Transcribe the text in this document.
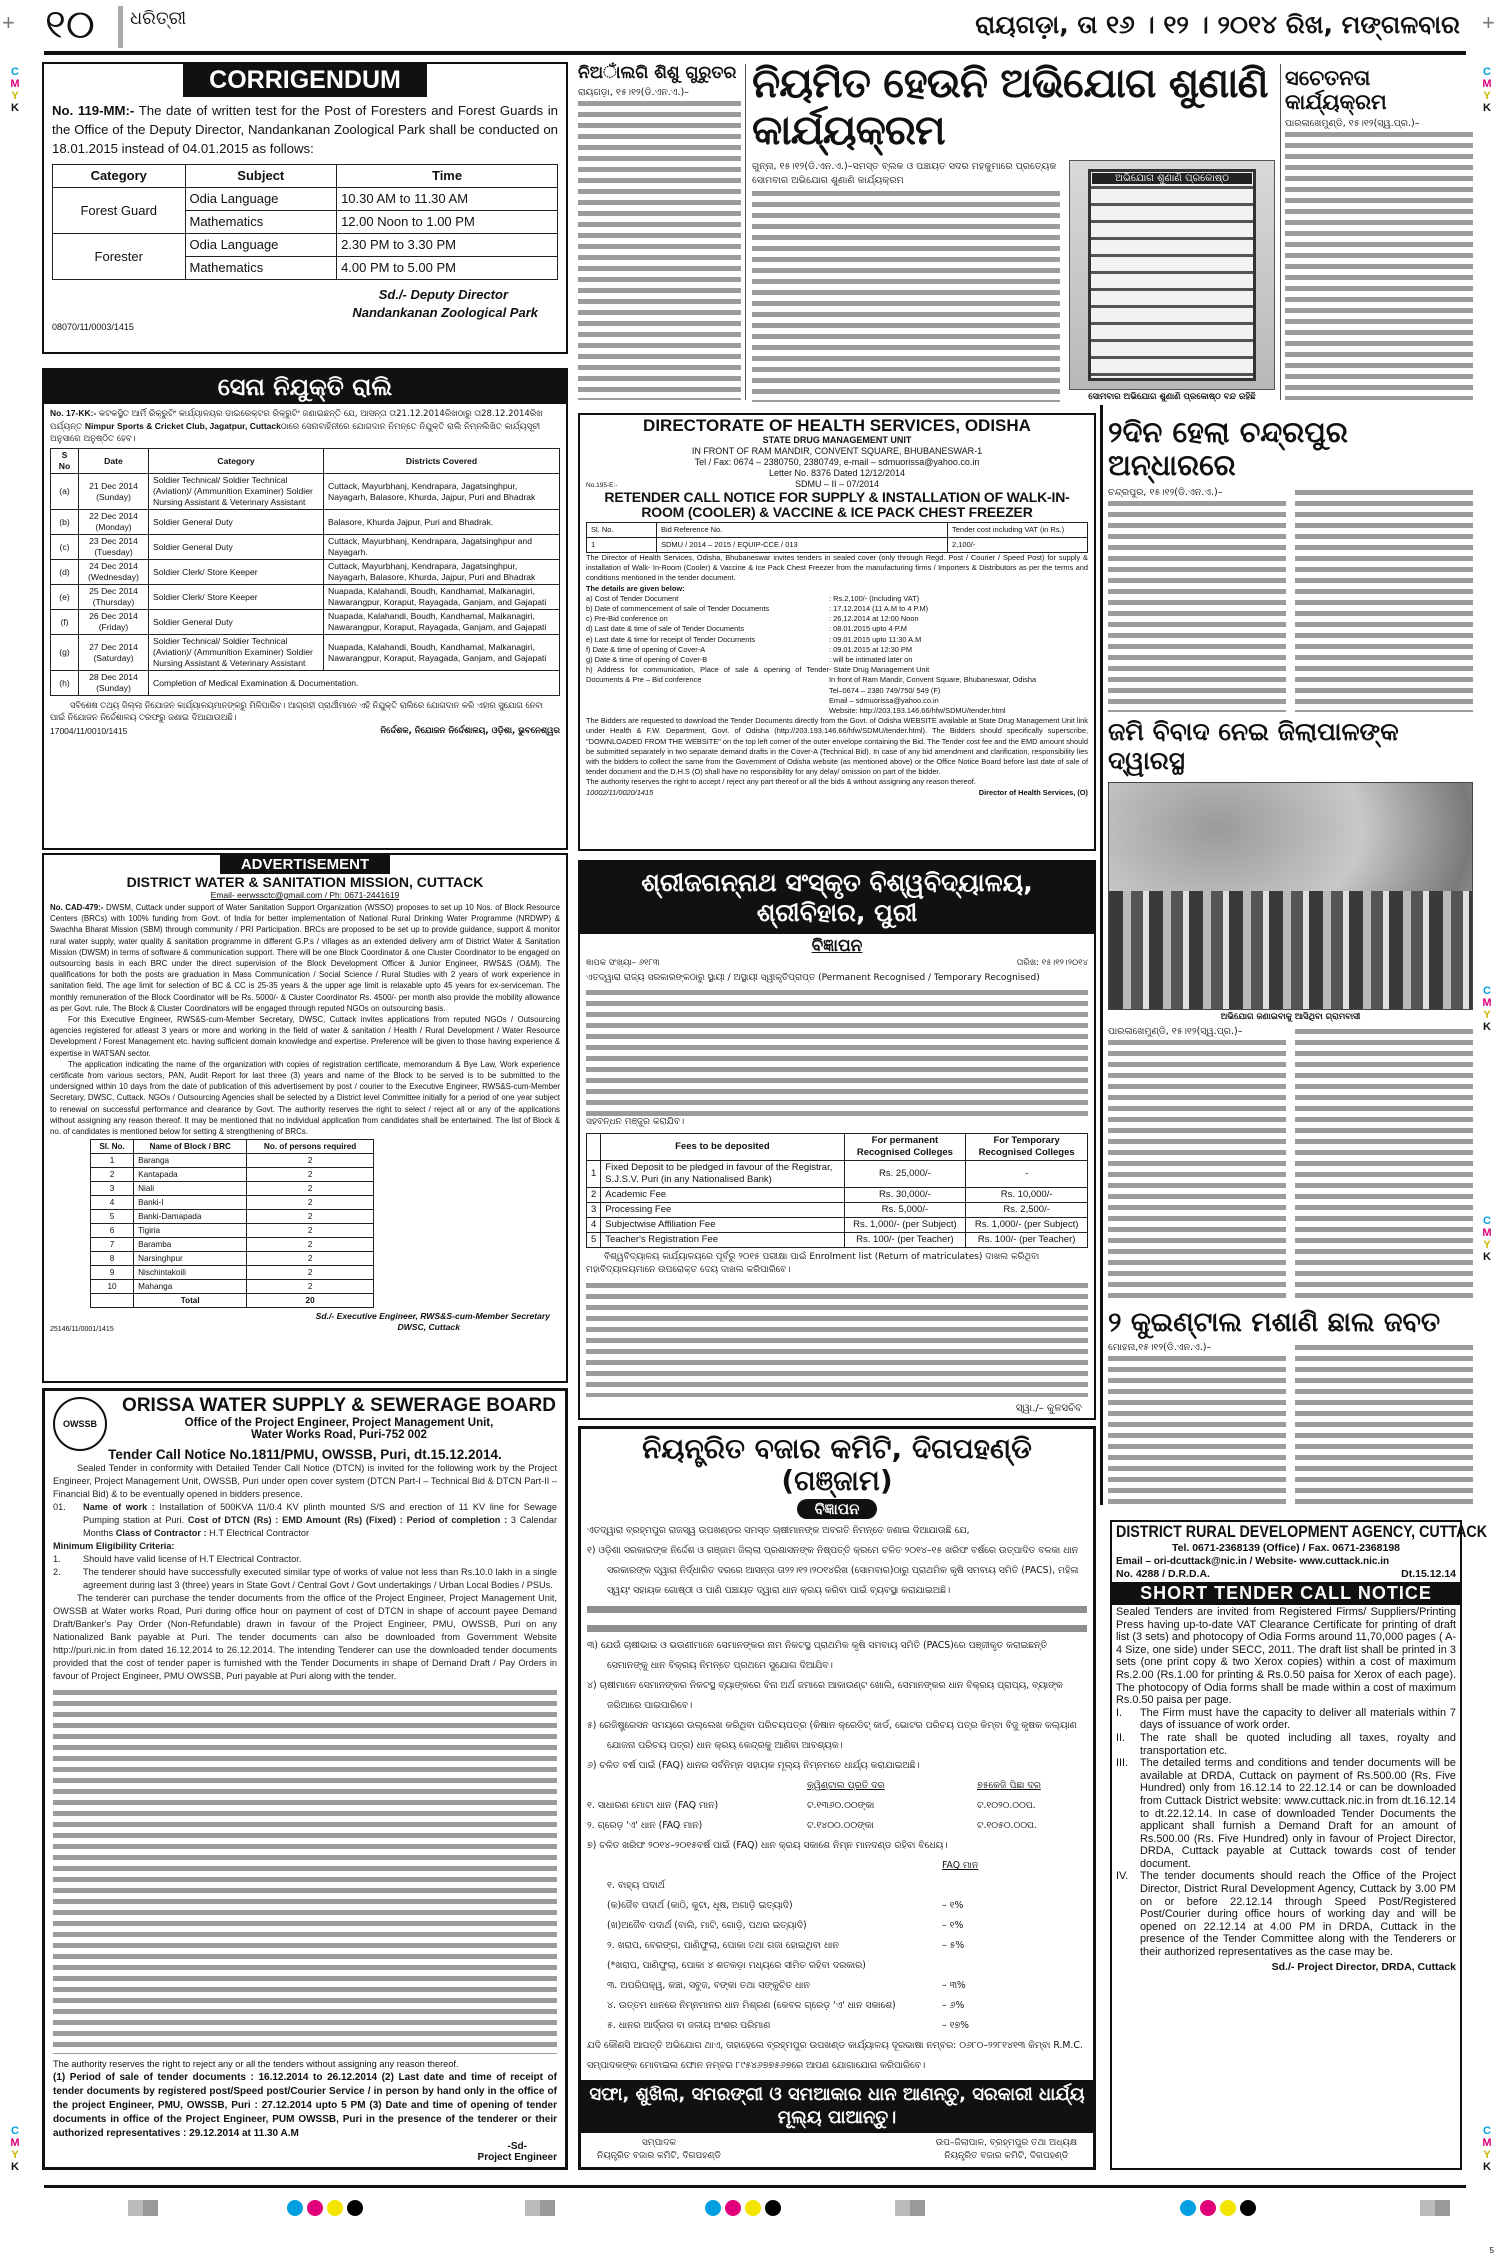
+	+
୧୦ ଧରିତ୍ରୀ	ରାୟଗଡ଼ା, ତା ୧୬ । ୧୨ । ୨୦୧୪ ରିଖ, ମଙ୍ଗଳବାର
C
M
Y
K
C
M
Y
K
C
M
Y
K
C
M
Y
K
C
M
Y
K
C
M
Y
K
CORRIGENDUM

No. 119-MM:- The date of written test for the Post of Foresters and Forest Guards in the Office of the Deputy Director, Nandankanan Zoological Park shall be conducted on 18.01.2015 instead of 04.01.2015 as follows:

Category	Subject	Time
Forest Guard	Odia Language	10.30 AM to 11.30 AM
	Mathematics	12.00 Noon to 1.00 PM
Forester	Odia Language	2.30 PM to 3.30 PM
	Mathematics	4.00 PM to 5.00 PM
Sd./- Deputy Director
Nandankanan Zoological Park
08070/11/0003/1415
ସେନା ନିଯୁକ୍ତି ରାଲି

No. 17-KK:- କଟକସ୍ଥିତ ଆର୍ମି ରିକ୍ରୁଟିଂ କାର୍ଯ୍ୟାଳୟର ଡାଇରେକ୍ଟର ରିକ୍ରୁଟିଂ ଜଣାଇଛନ୍ତି ଯେ, ଆସନ୍ତା ତା21.12.2014ରିଖଠାରୁ ତା28.12.2014ରିଖ ପର୍ଯ୍ୟନ୍ତ Nimpur Sports & Cricket Club, Jagatpur, Cuttackଠାରେ ସେନାବାହିନୀରେ ଯୋଗଦାନ ନିମନ୍ତେ ନିଯୁକ୍ତି ରାଲି ନିମ୍ନଲିଖିତ କାର୍ଯ୍ୟସୂଚୀ ଅନୁସାରେ ଅନୁଷ୍ଠିତ ହେବ।

S No	Date	Category	Districts Covered
(a)	21 Dec 2014 (Sunday)	Soldier Technical/ Soldier Technical (Aviation)/ (Ammunition Examiner) Soldier Nursing Assistant & Veterinary Assistant	Cuttack, Mayurbhanj, Kendrapara, Jagatsinghpur, Nayagarh, Balasore, Khurda, Jajpur, Puri and Bhadrak
(b)	22 Dec 2014 (Monday)	Soldier General Duty	Balasore, Khurda Jajpur, Puri and Bhadrak.
(c)	23 Dec 2014 (Tuesday)	Soldier General Duty	Cuttack, Mayurbhanj, Kendrapara, Jagatsinghpur and Nayagarh.
(d)	24 Dec 2014 (Wednesday)	Soldier Clerk/ Store Keeper	Cuttack, Mayurbhanj, Kendrapara, Jagatsinghpur, Nayagarh, Balasore, Khurda, Jajpur, Puri and Bhadrak
(e)	25 Dec 2014 (Thursday)	Soldier Clerk/ Store Keeper	Nuapada, Kalahandi, Boudh, Kandhamal, Malkanagiri, Nawarangpur, Koraput, Rayagada, Ganjam, and Gajapati
(f)	26 Dec 2014 (Friday)	Soldier General Duty	Nuapada, Kalahandi, Boudh, Kandhamal, Malkanagiri, Nawarangpur, Koraput, Rayagada, Ganjam, and Gajapati
(g)	27 Dec 2014 (Saturday)	Soldier Technical/ Soldier Technical (Aviation)/ (Ammunition Examiner) Soldier Nursing Assistant & Veterinary Assistant	Nuapada, Kalahandi, Boudh, Kandhamal, Malkanagiri, Nawarangpur, Koraput, Rayagada, Ganjam, and Gajapati
(h)	28 Dec 2014 (Sunday)	Completion of Medical Examination & Documentation.	

ସବିଶେଷ ତଥ୍ୟ ଜିଲ୍ଲା ନିଯୋଜନ କାର୍ଯ୍ୟାଳୟମାନଙ୍କରୁ ମିଳିପାରିବ। ଆଗ୍ରହୀ ପ୍ରାର୍ଥୀମାନେ ଏହି ନିଯୁକ୍ତି ରାଲିରେ ଯୋଗଦାନ କରି ଏହାର ସୁଯୋଗ ନେବା ପାଇଁ ନିଯୋଜନ ନିର୍ଦ୍ଦେଶାଳୟ ତରଫରୁ ଜଣାଇ ଦିଆଯାଉଅଛି।

17004/11/0010/1415	ନିର୍ଦ୍ଦେଶକ, ନିଯୋଜନ ନିର୍ଦ୍ଦେଶାଳୟ, ଓଡ଼ିଶା, ଭୁବନେଶ୍ୱର
ADVERTISEMENT
DISTRICT WATER & SANITATION MISSION, CUTTACK
Email- eerwssctc@gmail.com / Ph: 0671-2441619

No. CAD-479:- DWSM, Cuttack under support of Water Sanitation Support Organization (WSSO) proposes to set up 10 Nos. of Block Resource Centers (BRCs) with 100% funding from Govt. of India for better implementation of National Rural Drinking Water Programme (NRDWP) & Swachha Bharat Mission (SBM) through community / PRI Participation. BRCs are proposed to be set up to provide guidance, support & monitor rural water supply, water quality & sanitation programme in different G.P.s / villages as an extended delivery arm of District Water & Sanitation Mission (DWSM) in terms of software & communication support. There will be one Block Coordinator & one Cluster Coordinator to be engaged on outsourcing basis in each BRC under the direct supervision of the Block Development Officer & Junior Engineer, RWS&S (O&M). The qualifications for both the posts are graduation in Mass Communication / Social Science / Rural Studies with 2 years of work experience in sanitation field. The age limit for selection of BC & CC is 25-35 years & the upper age limit is relaxable upto 45 years for ex-serviceman. The monthly remuneration of the Block Coordinator will be Rs. 5000/- & Cluster Coordinator Rs. 4500/- per month also provide the mobility allowance as per Govt. rule. The Block & Cluster Coordinators will be engaged through reputed NGOs on outsourcing basis.

For this Executive Engineer, RWS&S-cum-Member Secretary, DWSC, Cuttack invites applications from reputed NGOs / Outsourcing agencies registered for atleast 3 years or more and working in the field of water & sanitation / Health / Rural Development / Water Resource Development / Forest Management etc. having sufficient domain knowledge and expertise. Preference will be given to those having experience & expertise in WATSAN sector.

The application indicating the name of the organization with copies of registration certificate, memorandum & Bye Law, Work experience certificate from various sectors, PAN, Audit Report for last three (3) years and name of the Block to be served is to be submitted to the undersigned within 10 days from the date of publication of this advertisement by post / courier to the Executive Engineer, RWS&S-cum-Member Secretary, DWSC, Cuttack. NGOs / Outsourcing Agencies shall be selected by a District level Committee initially for a period of one year subject to renewal on successful performance and clearance by Govt. The authority reserves the right to select / reject all or any of the applications without assigning any reason thereof. It may be mentioned that no individual application from candidates shall be entertained. The list of Block & no. of candidates is mentioned below for setting & strengthening of BRCs.

Sl. No.	Name of Block / BRC	No. of persons required
1	Baranga	2
2	Kantapada	2
3	Niali	2
4	Banki-I	2
5	Banki-Damapada	2
6	Tigiria	2
7	Baramba	2
8	Narsinghpur	2
9	Nischintakoili	2
10	Mahanga	2
	Total	20
25146/11/0001/1415
Sd./- Executive Engineer, RWS&S-cum-Member Secretary
DWSC, Cuttack
OWSSB
ORISSA WATER SUPPLY & SEWERAGE BOARD
Office of the Project Engineer, Project Management Unit,
Water Works Road, Puri-752 002
Tender Call Notice No.1811/PMU, OWSSB, Puri, dt.15.12.2014.

Sealed Tender in conformity with Detailed Tender Call Notice (DTCN) is invited for the following work by the Project Engineer, Project Management Unit, OWSSB, Puri under open cover system (DTCN Part-I – Technical Bid & DTCN Part-II – Financial Bid) & to be eventually opened in bidders presence.

01. Name of work : Installation of 500KVA 11/0.4 KV plinth mounted S/S and erection of 11 KV line for Sewage Pumping station at Puri. Cost of DTCN (Rs) : EMD Amount (Rs) (Fixed) : Period of completion : 3 Calendar Months Class of Contractor : H.T Electrical Contractor

Minimum Eligibility Criteria:

1. Should have valid license of H.T Electrical Contractor.

2. The tenderer should have successfully executed similar type of works of value not less than Rs.10.0 lakh in a single agreement during last 3 (three) years in State Govt / Central Govt / Govt undertakings / Urban Local Bodies / PSUs.

The tenderer can purchase the tender documents from the office of the Project Engineer, Project Management Unit, OWSSB at Water works Road, Puri during office hour on payment of cost of DTCN in shape of account payee Demand Draft/Banker's Pay Order (Non-Refundable) drawn in favour of the Project Engineer, PMU, OWSSB, Puri on any Nationalized Bank payable at Puri. The tender documents can also be downloaded from Government Website http://puri.nic.in from dated 16.12.2014 to 26.12.2014. The intending Tenderer can use the downloaded tender documents provided that the cost of tender paper is furnished with the Tender Documents in shape of Demand Draft / Pay Orders in favour of Project Engineer, PMU OWSSB, Puri payable at Puri along with the tender.

The authority reserves the right to reject any or all the tenders without assigning any reason thereof.

(1) Period of sale of tender documents : 16.12.2014 to 26.12.2014 (2) Last date and time of receipt of tender documents by registered post/Speed post/Courier Service / in person by hand only in the office of the project Engineer, PMU, OWSSB, Puri : 27.12.2014 upto 5 PM (3) Date and time of opening of tender documents in office of the Project Engineer, PUM OWSSB, Puri in the presence of the tenderer or their authorized representatives : 29.12.2014 at 11.30 A.M

-Sd-
Project Engineer
ନିଅାଁଲଗି ଶିଶୁ ଗୁରୁତର
ରାୟଗଡ଼ା, ୧୫।୧୨(ଡି.ଏନ.ଏ.)–	ନିୟମିତ ହେଉନି ଅଭିଯୋଗ ଶୁଣାଣି କାର୍ଯ୍ୟକ୍ରମ
ଗୁନ୍ନା, ୧୫।୧୨(ଡି.ଏନ.ଏ.)–ସମସ୍ତ ବ୍ଲକ ଓ ପଞ୍ଚାୟତ ସଦର ମହକୁମାରେ ପ୍ରତ୍ୟେକ ସୋମବାର ଅଭିଯୋଗ ଶୁଣାଣି କାର୍ଯ୍ୟକ୍ରମ	ଅଭିଯୋଗ ଶୁଣାଣି ପ୍ରକୋଷ୍ଠ
ସୋମବାର ଅଭିଯୋଗ ଶୁଣାଣି ପ୍ରକୋଷ୍ଠ ବନ୍ଦ ରହିଛି
ସଚେତନତା କାର୍ଯ୍ୟକ୍ରମ
ପାରଳାଖେମୁଣ୍ଡି, ୧୫।୧୨(ସ୍ୱ.ପ୍ର.)–
DIRECTORATE OF HEALTH SERVICES, ODISHA
STATE DRUG MANAGEMENT UNIT
IN FRONT OF RAM MANDIR, CONVENT SQUARE, BHUBANESWAR-1
Tel / Fax: 0674 – 2380750, 2380749, e-mail – sdmuorissa@yahoo.co.in
Letter No. 8376 Dated 12/12/2014
No.195-E:-	SDMU – II – 07/2014
RETENDER CALL NOTICE FOR SUPPLY & INSTALLATION OF WALK-IN-ROOM (COOLER) & VACCINE & ICE PACK CHEST FREEZER
Sl. No.	Bid Reference No.	Tender cost including VAT (in Rs.)
1	SDMU / 2014 – 2015 / EQUIP-CCE / 013	2,100/-

The Director of Health Services, Odisha, Bhubaneswar invites tenders in sealed cover (only through Regd. Post / Courier / Speed Post) for supply & installation of Walk- In-Room (Cooler) & Vaccine & Ice Pack Chest Freezer from the manufacturing firms / Importers & Distributors as per the terms and conditions mentioned in the tender document.

The details are given below:

a) Cost of Tender Document	: Rs.2,100/- (Including VAT)
b) Date of commencement of sale of Tender Documents	: 17.12.2014 (11 A.M to 4 P.M)
c) Pre-Bid conference on	: 26.12.2014 at 12:00 Noon
d) Last date & time of sale of Tender Documents	: 08.01.2015 upto 4 P.M
e) Last date & time for receipt of Tender Documents	: 09.01.2015 upto 11:30 A.M
f) Date & time of opening of Cover-A	: 09.01.2015 at 12:30 PM
g) Date & time of opening of Cover-B	: will be intimated later on
h) Address for communication, Place of sale & opening of Tender Documents & Pre – Bid conference
- State Drug Management Unit
In front of Ram Mandir, Convent Square, Bhubaneswar, Odisha
Tel–0674 – 2380 749/750/ 549 (F)
Email – sdmuorissa@yahoo.co.in
Website: http://203.193.146.66/hfw/SDMU/tender.html

The Bidders are requested to download the Tender Documents directly from the Govt. of Odisha WEBSITE available at State Drug Management Unit link under Health & F.W. Department, Govt. of Odisha (http://203.193.146.66/hfw/SDMU/tender.html). The Bidders should specifically superscribe, "DOWNLOADED FROM THE WEBSITE" on the top left corner of the outer envelope containing the Bid. The Tender cost fee and the EMD amount should be submitted separately in two separate demand drafts in the Cover-A (Technical Bid). In case of any bid amendment and clarification, responsibility lies with the bidders to collect the same from the Government of Odisha website (as mentioned above) or the Office Notice Board before last date of sale of tender document and the D.H.S (O) shall have no responsibility for any delay/ omission on part of the bidder.

The authority reserves the right to accept / reject any part thereof or all the bids & without assigning any reason thereof.

10002/11/0020/1415	Director of Health Services, (O)
ଶ୍ରୀଜଗନ୍ନାଥ ସଂସ୍କୃତ ବିଶ୍ୱବିଦ୍ୟାଳୟ, ଶ୍ରୀବିହାର, ପୁରୀ
ବିଜ୍ଞାପନ
ଜ୍ଞାପକ ସଂଖ୍ୟା– ୬୧୮୩	ତାରିଖ: ୧୫।୧୨।୨୦୧୪

ଏତଦ୍ୱାରା ରାଜ୍ୟ ସରକାରଙ୍କଠାରୁ ସ୍ଥାୟୀ / ଅସ୍ଥାୟୀ ସ୍ୱୀକୃତିପ୍ରାପ୍ତ (Permanent Recognised / Temporary Recognised)

ସହବନ୍ଧନ ମଞ୍ଜୁର କରାଯିବ।

	Fees to be deposited	For permanent Recognised Colleges	For Temporary Recognised Colleges
1	Fixed Deposit to be pledged in favour of the Registrar, S.J.S.V. Puri (in any Nationalised Bank)	Rs. 25,000/-	-
2	Academic Fee	Rs. 30,000/-	Rs. 10,000/-
3	Processing Fee	Rs. 5,000/-	Rs. 2,500/-
4	Subjectwise Affiliation Fee	Rs. 1,000/- (per Subject)	Rs. 1,000/- (per Subject)
5	Teacher's Registration Fee	Rs. 100/- (per Teacher)	Rs. 100/- (per Teacher)

ବିଶ୍ୱବିଦ୍ୟାଳୟ କାର୍ଯ୍ୟାଳୟରେ ପୂର୍ବରୁ ୨୦୧୫ ପରୀକ୍ଷା ପାଇଁ Enrolment list (Return of matriculates) ଦାଖଲ କରିଥିବା ମହାବିଦ୍ୟାଳୟମାନେ ଉପରୋକ୍ତ ଦେୟ ଦାଖଲ କରିପାରିବେ।

ସ୍ୱା./– କୁଳସଚିବ
ନିୟନ୍ତ୍ରିତ ବଜାର କମିଟି, ଦିଗପହଣ୍ଡି (ଗଞ୍ଜାମ)
ବିଜ୍ଞାପନ

ଏତଦ୍ୱାରା ବ୍ରହ୍ମପୁର ରାଜସ୍ୱ ଉପଖଣ୍ଡର ସମସ୍ତ ଚାଷୀମାନଙ୍କ ଅବଗତି ନିମନ୍ତେ ଜଣାଇ ଦିଆଯାଉଛି ଯେ,

୧) ଓଡ଼ିଶା ସରକାରଙ୍କ ନିର୍ଦ୍ଦେଶ ଓ ଗଞ୍ଜାମ ଜିଲ୍ଲା ପ୍ରଶାସନଙ୍କ ନିଷ୍ପତ୍ତି କ୍ରମେ ଚଳିତ ୨୦୧୪–୧୫ ଖରିଫ ବର୍ଷରେ ଉତ୍ପାଦିତ ବଳକା ଧାନ ସରକାରଙ୍କ ଦ୍ୱାରା ନିର୍ଦ୍ଧାରିତ ଦରରେ ଆସନ୍ତା ତା୨୨।୧୨।୨୦୧୪ରିଖ (ସୋମବାର)ଠାରୁ ପ୍ରାଥମିକ କୃଷି ସମବାୟ ସମିତି (PACS), ମହିଳା ସ୍ୱୟଂ ସହାୟକ ଗୋଷ୍ଠୀ ଓ ପାଣି ପଞ୍ଚାୟତ ଦ୍ୱାରା ଧାନ କ୍ରୟ କରିବା ପାଇଁ ବ୍ୟବସ୍ଥା କରାଯାଇଅଛି।

୩) ଯେଉଁ ଚାଷୀଭାଇ ଓ ଭଉଣୀମାନେ ସେମାନଙ୍କର ନାମ ନିକଟସ୍ଥ ପ୍ରାଥମିକ କୃଷି ସମବାୟ ସମିତି (PACS)ରେ ପଞ୍ଜୀକୃତ କରାଇଛନ୍ତି ସେମାନଙ୍କୁ ଧାନ ବିକ୍ରୟ ନିମନ୍ତେ ପ୍ରଥମେ ସୁଯୋଗ ଦିଆଯିବ।

୪) ଚାଷୀମାନେ ସେମାନଙ୍କର ନିକଟସ୍ଥ ବ୍ୟାଙ୍କରେ ବିନା ଅର୍ଥ ଜମାରେ ଆକାଉଣ୍ଟ ଖୋଲି, ସେମାନଙ୍କର ଧାନ ବିକ୍ରୟ ପ୍ରାପ୍ୟ, ବ୍ୟାଙ୍କ ଜରିଆରେ ପାଇପାରିବେ।

୫) ରେଜିଷ୍ଟ୍ରେସନ ସମୟରେ ଉଲ୍ଲେଖ କରିଥିବା ପରିଚୟପତ୍ର (କିଷାନ କ୍ରେଡିଟ୍ କାର୍ଡ, ଭୋଟର ପରିଚୟ ପତ୍ର କିମ୍ବା ବିଜୁ କୃଷକ କଲ୍ୟାଣ ଯୋଜନା ପରିଚୟ ପତ୍ର) ଧାନ କ୍ରୟ କେନ୍ଦ୍ରକୁ ଆଣିବା ଆବଶ୍ୟକ।

୬) ଚଳିତ ବର୍ଷ ପାଇଁ (FAQ) ଧାନର ସର୍ବନିମ୍ନ ସହାୟକ ମୂଲ୍ୟ ନିମ୍ନମତେ ଧାର୍ଯ୍ୟ କରାଯାଇଅଛି।

କ୍ୱିଣ୍ଟାଲ ପ୍ରତି ଦର	୭୫କେଜି ପିଛା ଦର
୧. ସାଧାରଣ ମୋଟା ଧାନ (FAQ ମାନ)	ଟ.୧୩୬୦.୦୦ଙ୍କା	ଟ.୧୦୨୦.୦୦ପ.
୨. ଗ୍ରେଡ଼ 'ଏ' ଧାନ (FAQ ମାନ)	ଟ.୧୪୦୦.୦୦ଙ୍କା	ଟ.୧୦୫୦.୦୦ପ.

୭) ଚଳିତ ଖରିଫ ୨୦୧୪–୨୦୧୫ବର୍ଷ ପାଇଁ (FAQ) ଧାନ କ୍ରୟ ସକାଶେ ନିମ୍ନ ମାନଦଣ୍ଡ ରହିବା ବିଧେୟ।

FAQ ମାନ
୧. ବାହ୍ୟ ପଦାର୍ଥ
(କ)ଜୈବ ପଦାର୍ଥ (କାଠି, କୁଟା, ଧୂଷ, ଅଗାଡ଼ି ଇତ୍ୟାଦି)	– ୧%
(ଖ)ଅଜୈବ ପଦାର୍ଥ (ବାଲି, ମାଟି, ଗୋଡ଼ି, ପଥର ଇତ୍ୟାଦି)	– ୧%
୨. ଖରାପ, ବେରଙ୍ଗ, ପାଣିଫୁଲା, ପୋକା ତଥା ଗଜା ହୋଇଥିବା ଧାନ	– ୫%
(*ଖରାପ, ପାଣିଫୁଲା, ପୋକା ୪ ଶତକଡ଼ା ମଧ୍ୟରେ ସୀମିତ ରହିବା ଦରକାର)
୩. ଅପରିପକ୍ୱ, କଞ୍ଚା, ସବୁଜ, ବଙ୍କା ତଥା ସଙ୍କୁଚିତ ଧାନ	– ୩%
୪. ଉତ୍ତମ ଧାନରେ ନିମ୍ନମାନର ଧାନ ମିଶ୍ରଣ (କେବଳ ଗ୍ରେଡ଼ 'ଏ' ଧାନ ସକାଶେ)	– ୬%
୫. ଧାନର ଆର୍ଦ୍ରତା ବା ଜଳୀୟ ଅଂଶର ପରିମାଣ	– ୧୭%

ଯଦି କୌଣସି ଆପତ୍ତି ଅଭିଯୋଗ ଥାଏ, ତାହାହେଲେ ବ୍ରହ୍ମପୁର ଉପଖଣ୍ଡ କାର୍ଯ୍ୟାଳୟ ଦୂରଭାଷା ନମ୍ବର: ୦୬୮୦–୨୨୮୧୪୧୩ କିମ୍ବା R.M.C. ସମ୍ପାଦକଙ୍କ ମୋବାଇଲ ଫୋନ ନମ୍ବର ୮୯୫୪୬୭୭୫୬୭ରେ ଆପଣ ଯୋଗାଯୋଗ କରିପାରିବେ।

ସଫା, ଶୁଖିଲା, ସମରଙ୍ଗୀ ଓ ସମଆକାର ଧାନ ଆଣନ୍ତୁ, ସରକାରୀ ଧାର୍ଯ୍ୟ ମୂଲ୍ୟ ପାଆନ୍ତୁ।
ସମ୍ପାଦକ
ନିୟନ୍ତ୍ରିତ ବଜାର କମିଟି, ଦିଗପହଣ୍ଡି
ଉପ–ଜିଲାପାଳ, ବ୍ରହ୍ମପୁର ତଥା ଅଧ୍ୟକ୍ଷ
ନିୟନ୍ତ୍ରିତ ବଜାର କମିଟି, ଦିଗପହଣ୍ଡି
୨ଦିନ ହେଲା ଚନ୍ଦ୍ରପୁର ଅନ୍ଧାରରେ
ଚନ୍ଦ୍ରପୁର, ୧୫।୧୨(ଡି.ଏନ.ଏ.)–
ଜମି ବିବାଦ ନେଇ ଜିଲାପାଳଙ୍କ ଦ୍ୱାରସ୍ଥ
ଅଭିଯୋଗ ଜଣାଇବାକୁ ଆସିଥିବା ଗ୍ରାମବାସୀ
ପାରଳାଖେମୁଣ୍ଡି, ୧୫।୧୨(ସ୍ୱ.ପ୍ର.)–
୨ କୁଇଣ୍ଟାଲ ମଶାଣି ଛାଲ ଜବତ
ମୋହନା,୧୫।୧୨(ଡି.ଏନ.ଏ.)–
DISTRICT RURAL DEVELOPMENT AGENCY, CUTTACK
Tel. 0671-2368139 (Office) / Fax. 0671-2368198
Email – ori-dcuttack@nic.in / Website- www.cuttack.nic.in
No. 4288 / D.R.D.A.	Dt.15.12.14
SHORT TENDER CALL NOTICE

Sealed Tenders are invited from Registered Firms/ Suppliers/Printing Press having up-to-date VAT Clearance Certificate for printing of draft list (3 sets) and photocopy of Odia Forms around 11,70,000 pages ( A-4 Size, one side) under SECC, 2011. The draft list shall be printed in 3 sets (one print copy & two Xerox copies) within a cost of maximum Rs.2.00 (Rs.1.00 for printing & Rs.0.50 paisa for Xerox of each page). The photocopy of Odia forms shall be made within a cost of maximum Rs.0.50 paisa per page.

I.	The Firm must have the capacity to deliver all materials within 7 days of issuance of work order.
II.	The rate shall be quoted including all taxes, royalty and transportation etc.
III.	The detailed terms and conditions and tender documents will be available at DRDA, Cuttack on payment of Rs.500.00 (Rs. Five Hundred) only from 16.12.14 to 22.12.14 or can be downloaded from Cuttack District website: www.cuttack.nic.in from dt.16.12.14 to dt.22.12.14. In case of downloaded Tender Documents the applicant shall furnish a Demand Draft for an amount of Rs.500.00 (Rs. Five Hundred) only in favour of Project Director, DRDA, Cuttack payable at Cuttack towards cost of tender document.
IV.	The tender documents should reach the Office of the Project Director, District Rural Development Agency, Cuttack by 3.00 PM on or before 22.12.14 through Speed Post/Registered Post/Courier during office hours of working day and will be opened on 22.12.14 at 4.00 PM in DRDA, Cuttack in the presence of the Tender Committee along with the Tenderers or their authorized representatives as the case may be.
Sd./- Project Director, DRDA, Cuttack
5
